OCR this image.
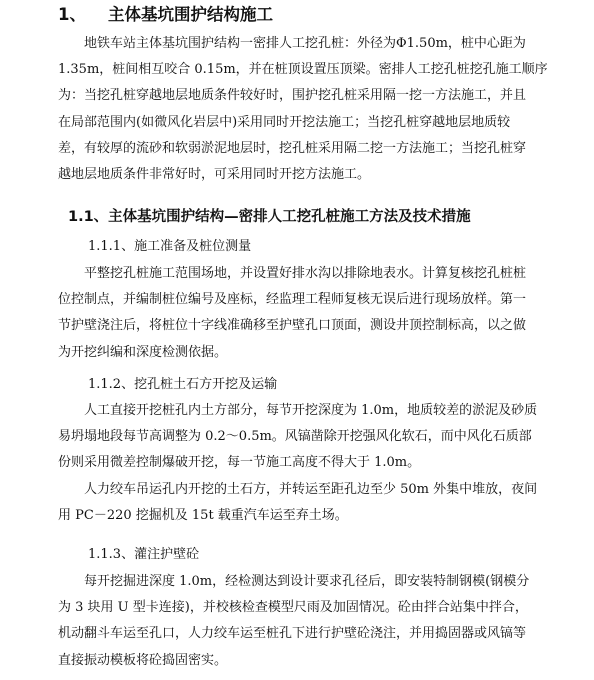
1、 主体基坑围护结构施工

地铁车站主体基坑围护结构一密排人工挖孔桩：外径为Φ1.50m，桩中心距为
1.35m，桩间相互咬合 0.15m，并在桩顶设置压顶梁。密排人工挖孔桩挖孔施工顺序
为：当挖孔桩穿越地层地质条件较好时，围护挖孔桩采用隔一挖一方法施工，并且
在局部范围内(如微风化岩层中)采用同时开挖法施工；当挖孔桩穿越地层地质较
差，有较厚的流砂和软弱淤泥地层时，挖孔桩采用隔二挖一方法施工；当挖孔桩穿
越地层地质条件非常好时，可采用同时开挖方法施工。

1.1、主体基坑围护结构—密排人工挖孔桩施工方法及技术措施
1.1.1、施工准备及桩位测量

平整挖孔桩施工范围场地，并设置好排水沟以排除地表水。计算复核挖孔桩桩
位控制点，并编制桩位编号及座标，经监理工程师复核无误后进行现场放样。第一
节护壁浇注后，将桩位十字线准确移至护壁孔口顶面，测设井顶控制标高，以之做
为开挖纠编和深度检测依据。

1.1.2、挖孔桩土石方开挖及运输

人工直接开挖桩孔内土方部分，每节开挖深度为 1.0m，地质较差的淤泥及砂质
易坍塌地段每节高调整为 0.2～0.5m。风镐凿除开挖强风化软石，而中风化石质部
份则采用微差控制爆破开挖，每一节施工高度不得大于 1.0m。

人力绞车吊运孔内开挖的土石方，并转运至距孔边至少 50m 外集中堆放，夜间
用 PC－220 挖掘机及 15t 载重汽车运至弃土场。

1.1.3、灌注护壁砼

每开挖掘进深度 1.0m，经检测达到设计要求孔径后，即安装特制钢模(钢模分
为 3 块用 U 型卡连接)，并校核检查模型尺雨及加固情况。砼由拌合站集中拌合，
机动翻斗车运至孔口，人力绞车运至桩孔下进行护壁砼浇注，并用捣固器或风镐等
直接振动模板将砼捣固密实。
